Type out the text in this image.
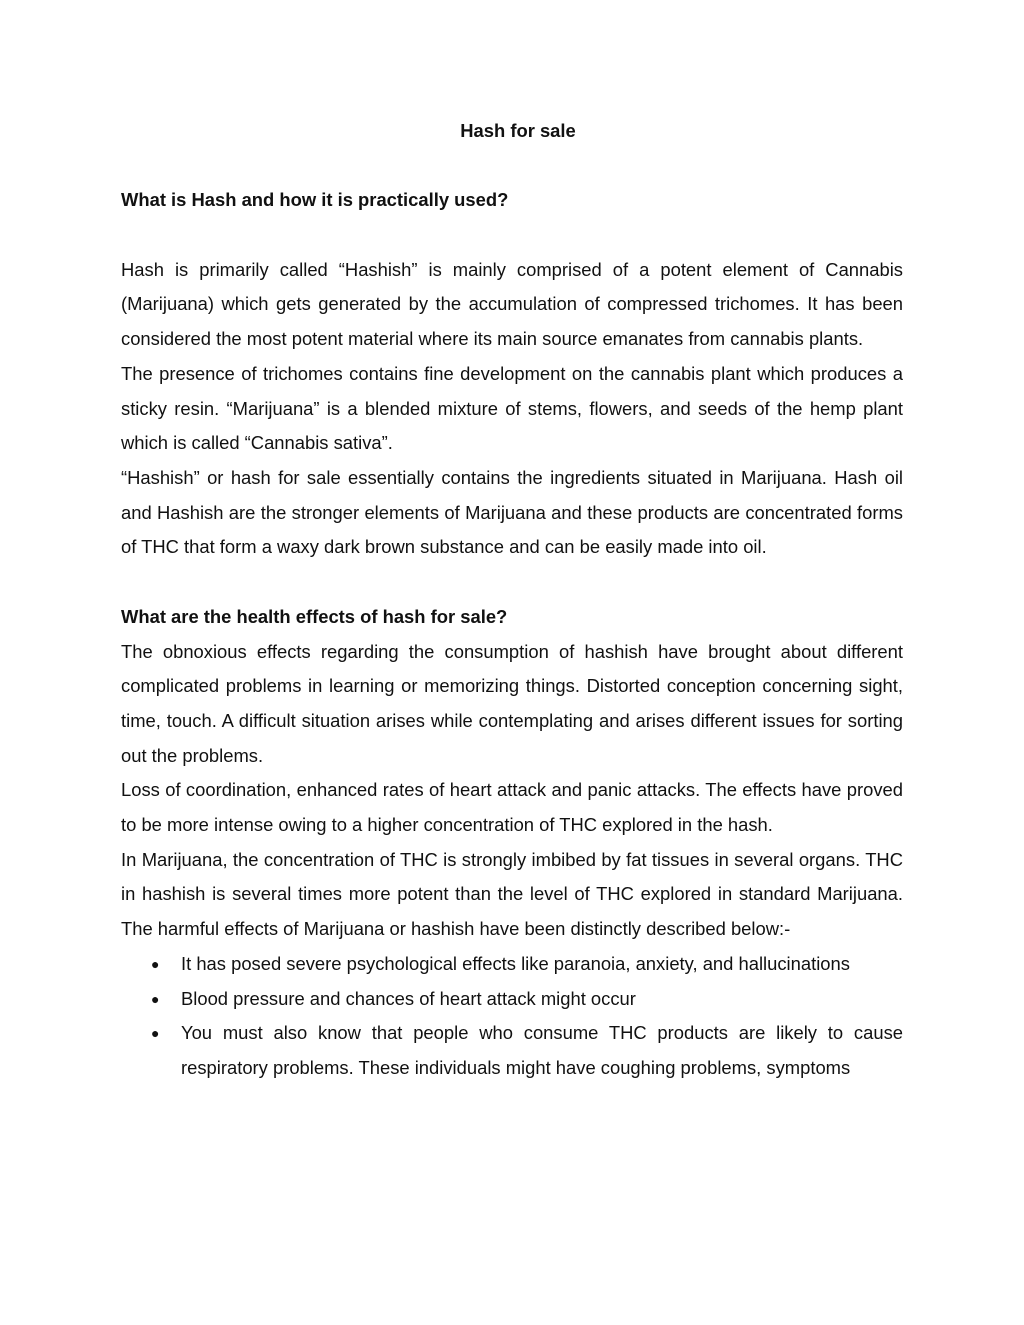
Hash for sale

What is Hash and how it is practically used?

Hash is primarily called “Hashish” is mainly comprised of a potent element of Cannabis (Marijuana) which gets generated by the accumulation of compressed trichomes. It has been considered the most potent material where its main source emanates from cannabis plants.

The presence of trichomes contains fine development on the cannabis plant which produces a sticky resin. “Marijuana” is a blended mixture of stems, flowers, and seeds of the hemp plant which is called “Cannabis sativa”.

“Hashish” or hash for sale essentially contains the ingredients situated in Marijuana. Hash oil and Hashish are the stronger elements of Marijuana and these products are concentrated forms of THC that form a waxy dark brown substance and can be easily made into oil.

What are the health effects of hash for sale?

The obnoxious effects regarding the consumption of hashish have brought about different complicated problems in learning or memorizing things. Distorted conception concerning sight, time, touch. A difficult situation arises while contemplating and arises different issues for sorting out the problems.

Loss of coordination, enhanced rates of heart attack and panic attacks. The effects have proved to be more intense owing to a higher concentration of THC explored in the hash.

In Marijuana, the concentration of THC is strongly imbibed by fat tissues in several organs. THC in hashish is several times more potent than the level of THC explored in standard Marijuana. The harmful effects of Marijuana or hashish have been distinctly described below:-

● It has posed severe psychological effects like paranoia, anxiety, and hallucinations
● Blood pressure and chances of heart attack might occur
● You must also know that people who consume THC products are likely to cause respiratory problems. These individuals might have coughing problems, symptoms
